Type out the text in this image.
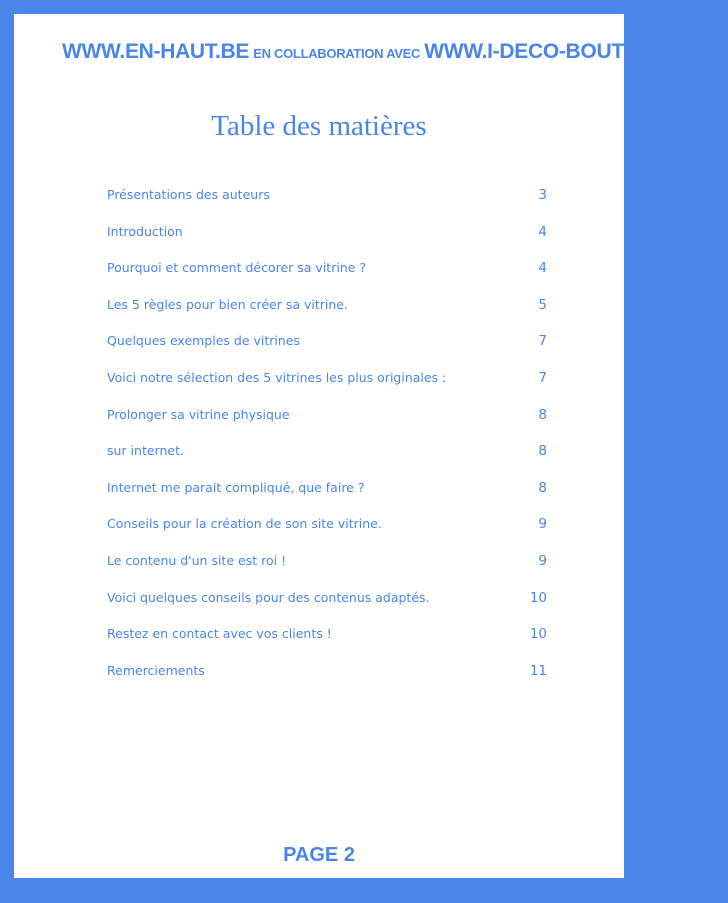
WWW.EN-HAUT.BE EN COLLABORATION AVEC WWW.I-DECO-BOUTIQUE.COM
Table des matières
Présentations des auteurs	3
Introduction	4
Pourquoi et comment décorer sa vitrine ?	4
Les 5 règles pour bien créer sa vitrine.	5
Quelques exemples de vitrines	7
Voici notre sélection des 5 vitrines les plus originales :	7
Prolonger sa vitrine physique	8
sur internet.	8
Internet me parait compliqué, que faire ?	8
Conseils pour la création de son site vitrine.	9
Le contenu d'un site est roi !	9
Voici quelques conseils pour des contenus adaptés.	10
Restez en contact avec vos clients !	10
Remerciements	11
PAGE 2
